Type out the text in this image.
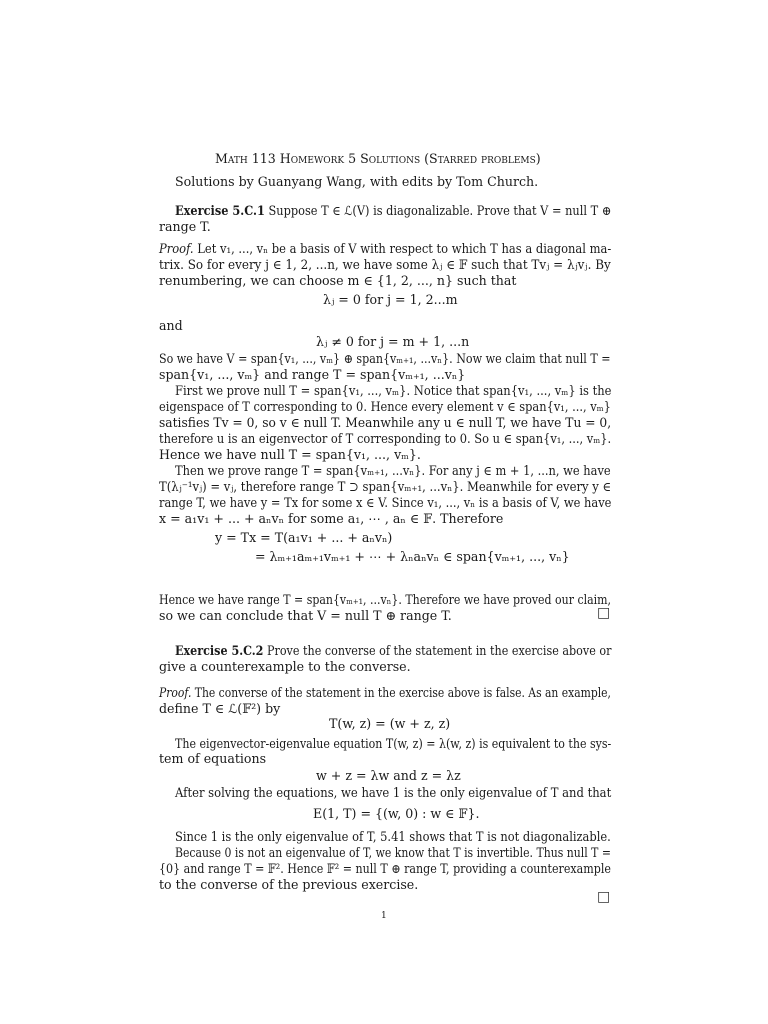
Math 113 Homework 5 Solutions (Starred problems)
Solutions by Guanyang Wang, with edits by Tom Church.
Exercise 5.C.1 Suppose T ∈ ℒ(V) is diagonalizable. Prove that V = null T ⊕
range T.
Proof. Let v₁, ..., vₙ be a basis of V with respect to which T has a diagonal ma-
trix. So for every j ∈ 1, 2, ...n, we have some λⱼ ∈ 𝔽 such that Tvⱼ = λⱼvⱼ. By
renumbering, we can choose m ∈ {1, 2, ..., n} such that
λⱼ = 0 for j = 1, 2...m
and
λⱼ ≠ 0 for j = m + 1, ...n
So we have V = span{v₁, ..., vₘ} ⊕ span{vₘ₊₁, ...vₙ}. Now we claim that null T =
span{v₁, ..., vₘ} and range T = span{vₘ₊₁, ...vₙ}
First we prove null T = span{v₁, ..., vₘ}. Notice that span{v₁, ..., vₘ} is the
eigenspace of T corresponding to 0. Hence every element v ∈ span{v₁, ..., vₘ}
satisfies Tv = 0, so v ∈ null T. Meanwhile any u ∈ null T, we have Tu = 0,
therefore u is an eigenvector of T corresponding to 0. So u ∈ span{v₁, ..., vₘ}.
Hence we have null T = span{v₁, ..., vₘ}.
Then we prove range T = span{vₘ₊₁, ...vₙ}. For any j ∈ m + 1, ...n, we have
T(λⱼ⁻¹vⱼ) = vⱼ, therefore range T ⊃ span{vₘ₊₁, ...vₙ}. Meanwhile for every y ∈
range T, we have y = Tx for some x ∈ V. Since v₁, ..., vₙ is a basis of V, we have
x = a₁v₁ + ... + aₙvₙ for some a₁, ⋯ , aₙ ∈ 𝔽. Therefore
y = Tx = T(a₁v₁ + ... + aₙvₙ)
= λₘ₊₁aₘ₊₁vₘ₊₁ + ⋯ + λₙaₙvₙ ∈ span{vₘ₊₁, ..., vₙ}
Hence we have range T = span{vₘ₊₁, ...vₙ}. Therefore we have proved our claim,
so we can conclude that V = null T ⊕ range T.	□
Exercise 5.C.2 Prove the converse of the statement in the exercise above or
give a counterexample to the converse.
Proof. The converse of the statement in the exercise above is false. As an example,
define T ∈ ℒ(𝔽²) by
T(w, z) = (w + z, z)
The eigenvector-eigenvalue equation T(w, z) = λ(w, z) is equivalent to the sys-
tem of equations
w + z = λw and z = λz
After solving the equations, we have 1 is the only eigenvalue of T and that
E(1, T) = {(w, 0) : w ∈ 𝔽}.
Since 1 is the only eigenvalue of T, 5.41 shows that T is not diagonalizable.
Because 0 is not an eigenvalue of T, we know that T is invertible. Thus null T =
{0} and range T = 𝔽². Hence 𝔽² = null T ⊕ range T, providing a counterexample
to the converse of the previous exercise.
□
1
